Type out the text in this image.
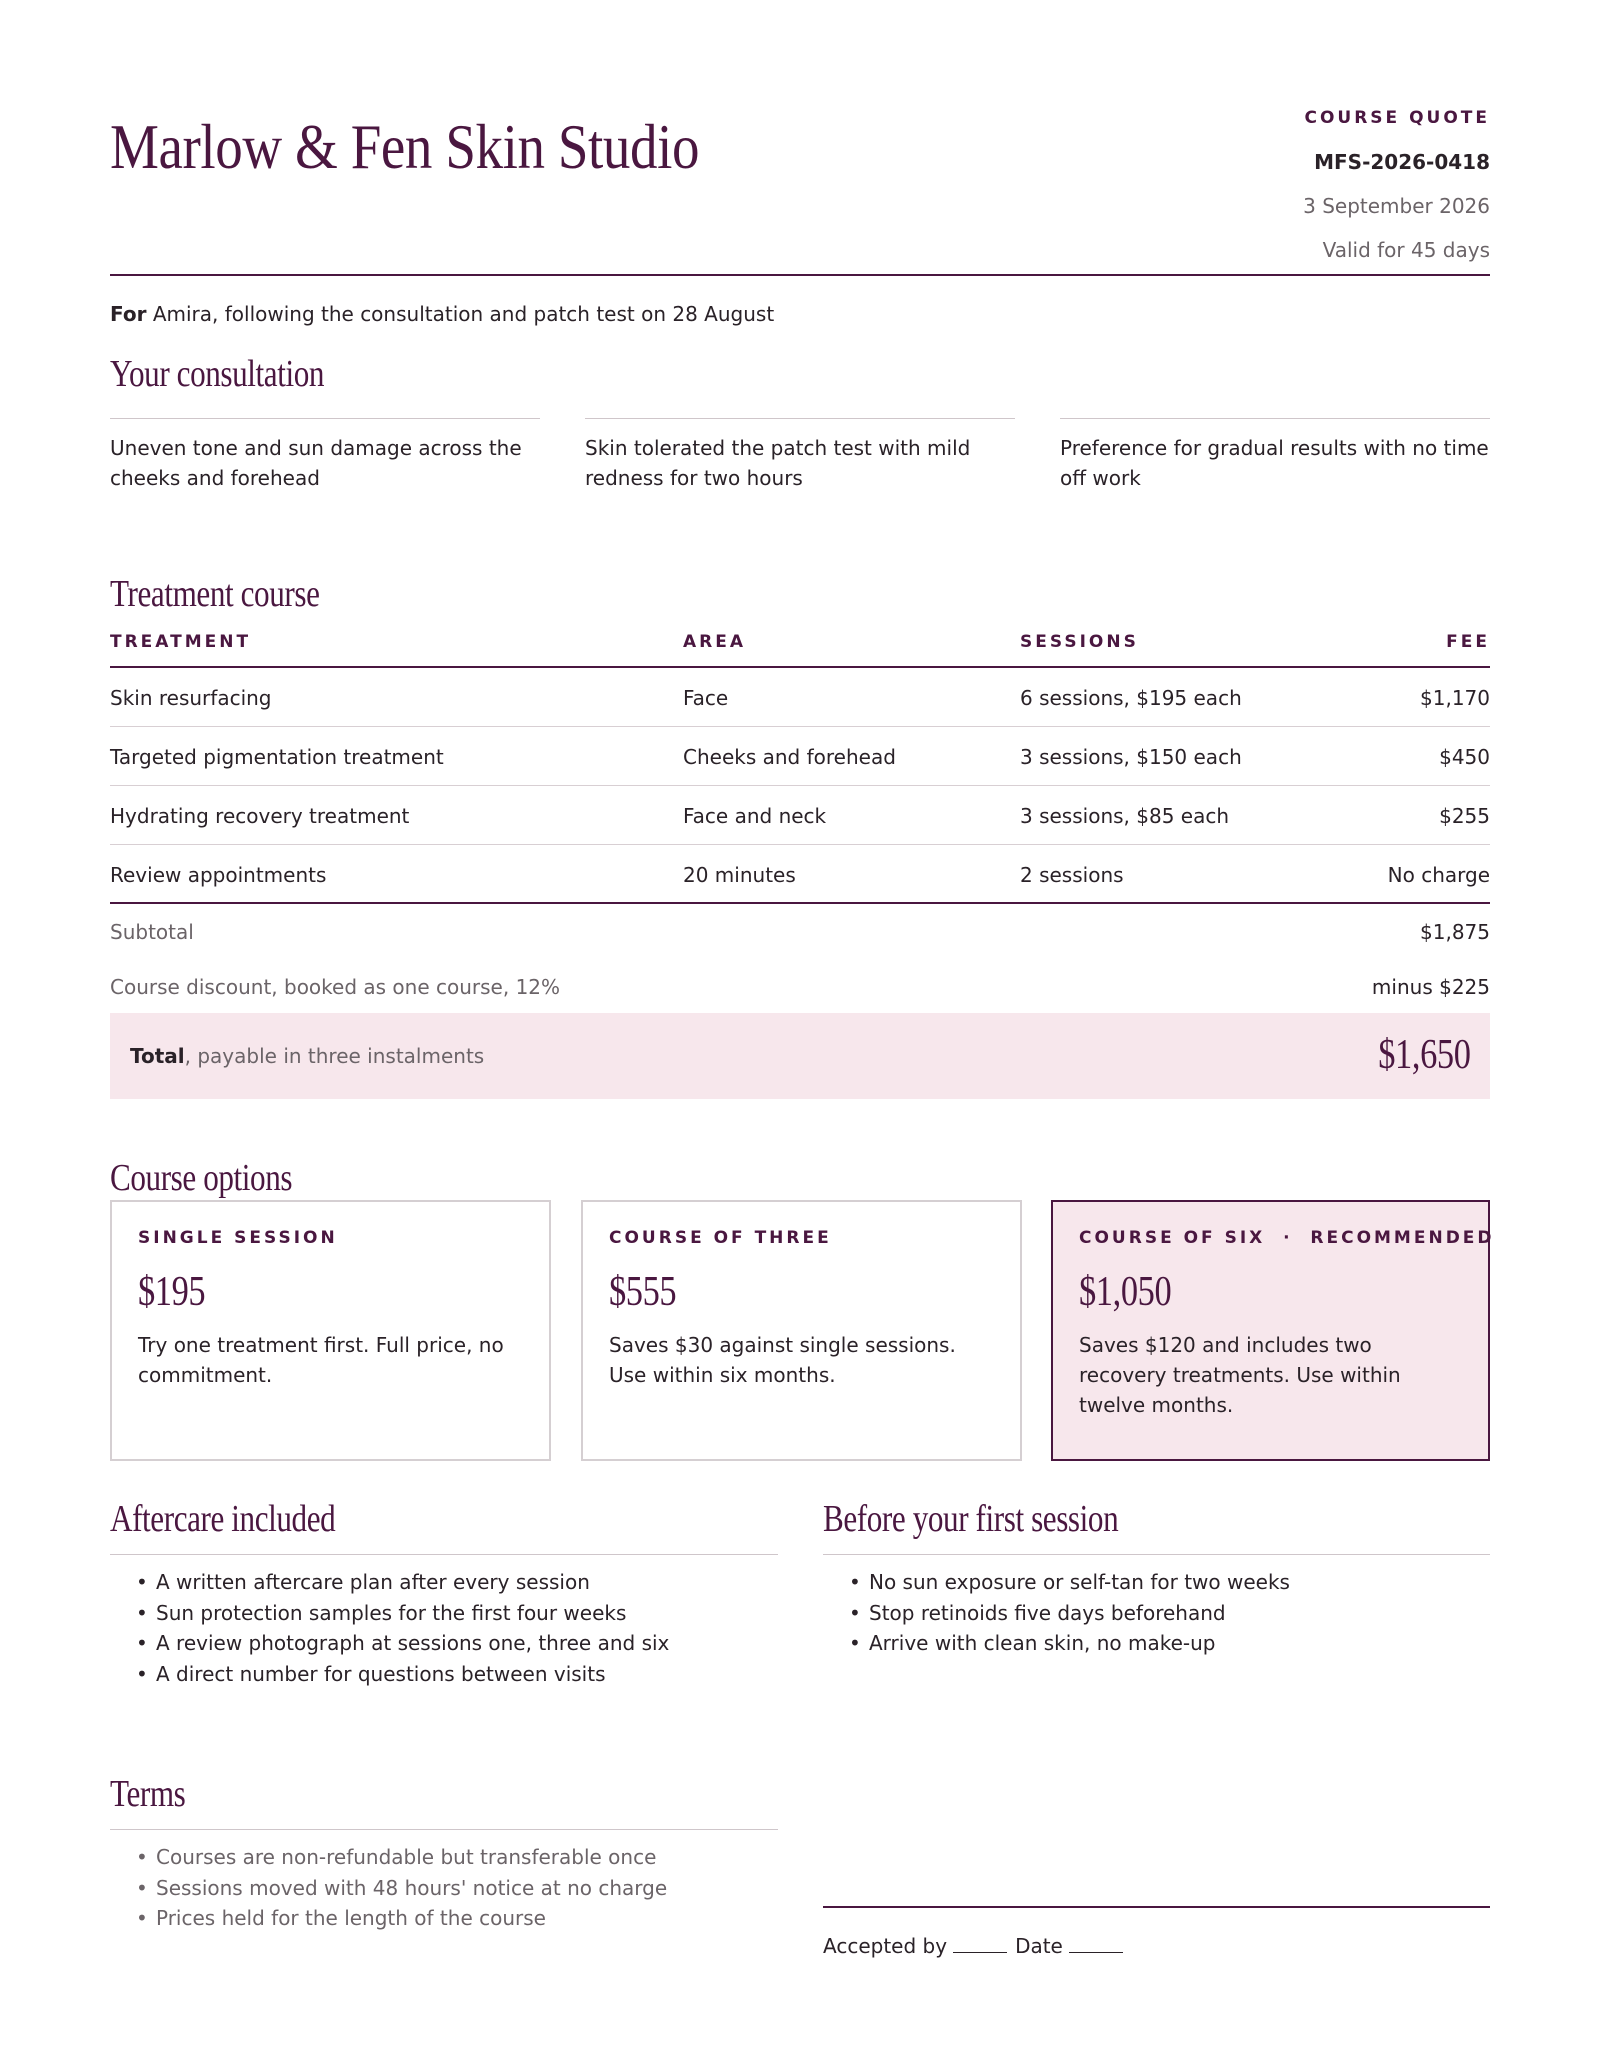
Marlow & Fen Skin Studio	COURSE QUOTE
MFS-2026-0418
3 September 2026
Valid for 45 days
For Amira, following the consultation and patch test on 28 August
Your consultation
Uneven tone and sun damage across the cheeks and forehead
Skin tolerated the patch test with mild redness for two hours
Preference for gradual results with no time off work
Treatment course
TREATMENT	AREA	SESSIONS	FEE
Skin resurfacing	Face	6 sessions, $195 each	$1,170
Targeted pigmentation treatment	Cheeks and forehead	3 sessions, $150 each	$450
Hydrating recovery treatment	Face and neck	3 sessions, $85 each	$255
Review appointments	20 minutes	2 sessions	No charge
Subtotal	$1,875
Course discount, booked as one course, 12%	minus $225
Total, payable in three instalments	$1,650
Course options
SINGLE SESSION
$195
Try one treatment first. Full price, no commitment.
COURSE OF THREE
$555
Saves $30 against single sessions. Use within six months.
COURSE OF SIX  ·  RECOMMENDED
$1,050
Saves $120 and includes two recovery treatments. Use within twelve months.
Aftercare included
• A written aftercare plan after every session
• Sun protection samples for the first four weeks
• A review photograph at sessions one, three and six
• A direct number for questions between visits
Before your first session
• No sun exposure or self-tan for two weeks
• Stop retinoids five days beforehand
• Arrive with clean skin, no make-up
Terms
• Courses are non-refundable but transferable once
• Sessions moved with 48 hours' notice at no charge
• Prices held for the length of the course
Accepted by	Date
